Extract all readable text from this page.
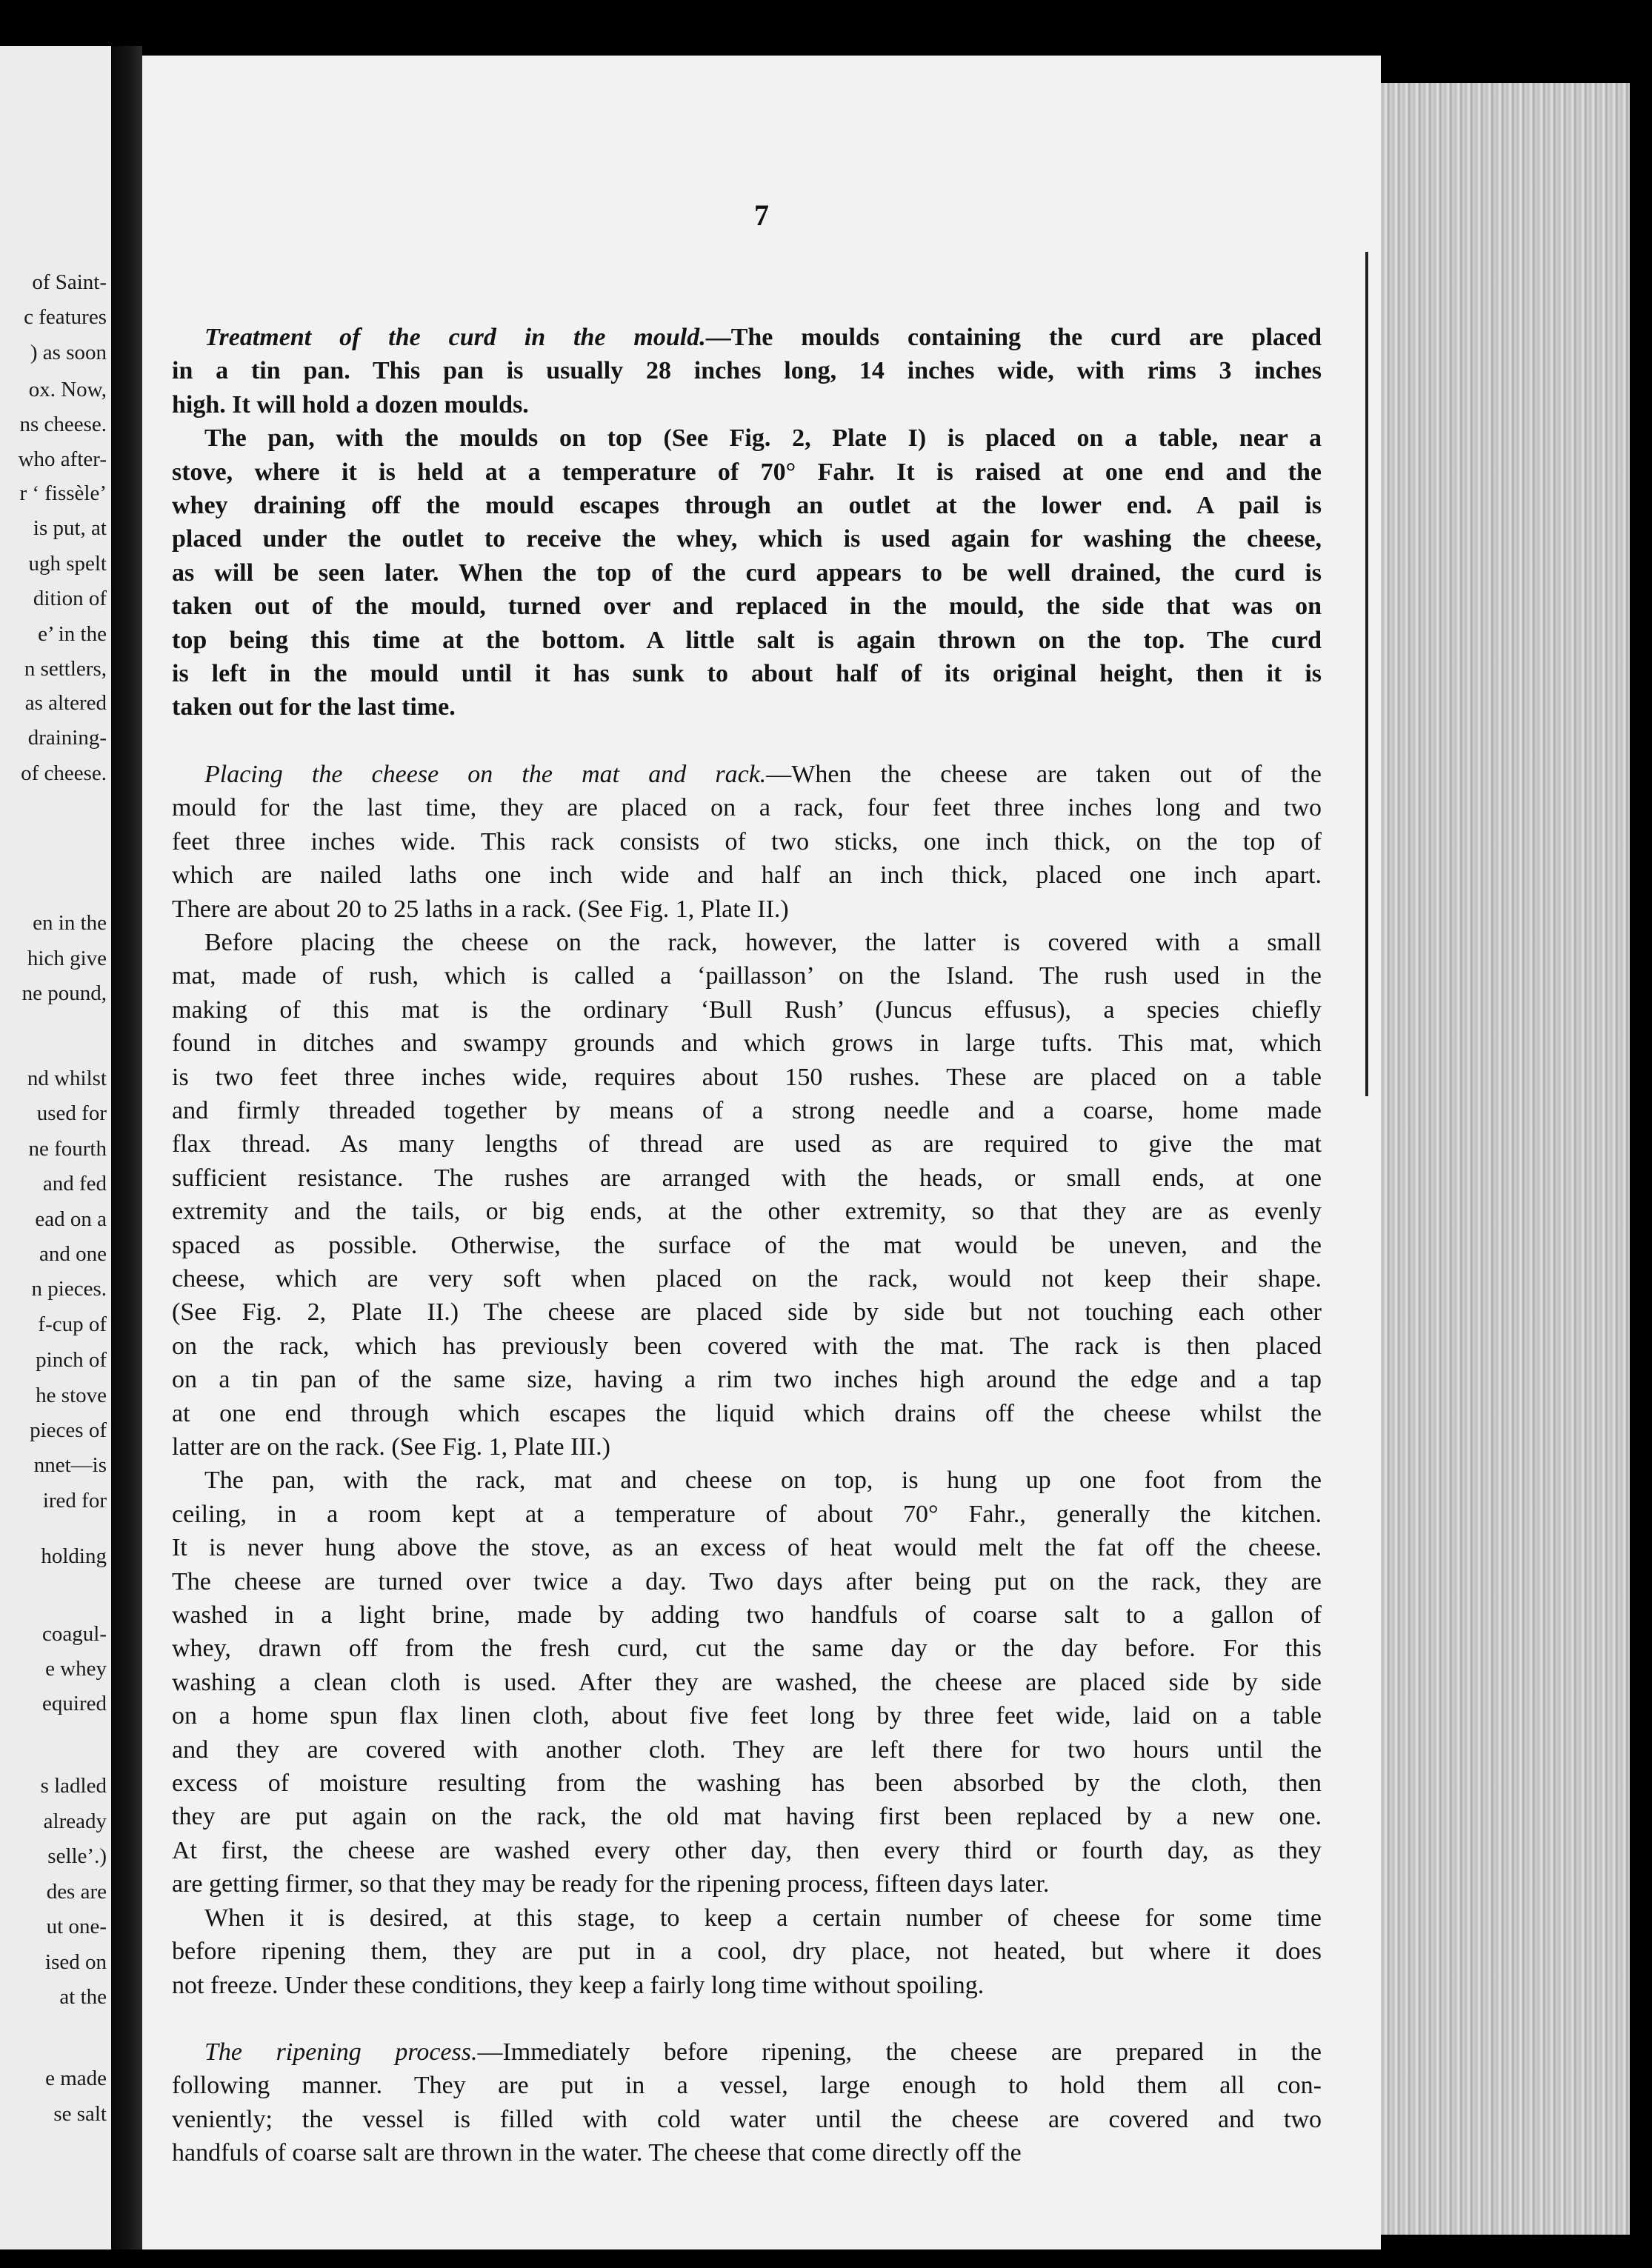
of Saint-
c features
) as soon
ox. Now,
ns cheese.
who after-
r ‘ fissèle’
is put, at
ugh spelt
dition of
e’ in the
n settlers,
as altered
draining-
of cheese.
en in the
hich give
ne pound,
nd whilst
used for
ne fourth
and fed
ead on a
and one
n pieces.
f-cup of
pinch of
he stove
pieces of
nnet—is
ired for
holding
coagul-
e whey
equired
s ladled
already
selle’.)
des are
ut one-
ised on
at the
e made
se salt
7
Treatment of the curd in the mould.—The moulds containing the curd are placed
in a tin pan. This pan is usually 28 inches long, 14 inches wide, with rims 3 inches
high. It will hold a dozen moulds.
The pan, with the moulds on top (See Fig. 2, Plate I) is placed on a table, near a
stove, where it is held at a temperature of 70° Fahr. It is raised at one end and the
whey draining off the mould escapes through an outlet at the lower end. A pail is
placed under the outlet to receive the whey, which is used again for washing the cheese,
as will be seen later. When the top of the curd appears to be well drained, the curd is
taken out of the mould, turned over and replaced in the mould, the side that was on
top being this time at the bottom. A little salt is again thrown on the top. The curd
is left in the mould until it has sunk to about half of its original height, then it is
taken out for the last time.
Placing the cheese on the mat and rack.—When the cheese are taken out of the
mould for the last time, they are placed on a rack, four feet three inches long and two
feet three inches wide. This rack consists of two sticks, one inch thick, on the top of
which are nailed laths one inch wide and half an inch thick, placed one inch apart.
There are about 20 to 25 laths in a rack. (See Fig. 1, Plate II.)
Before placing the cheese on the rack, however, the latter is covered with a small
mat, made of rush, which is called a ‘paillasson’ on the Island. The rush used in the
making of this mat is the ordinary ‘Bull Rush’ (Juncus effusus), a species chiefly
found in ditches and swampy grounds and which grows in large tufts. This mat, which
is two feet three inches wide, requires about 150 rushes. These are placed on a table
and firmly threaded together by means of a strong needle and a coarse, home made
flax thread. As many lengths of thread are used as are required to give the mat
sufficient resistance. The rushes are arranged with the heads, or small ends, at one
extremity and the tails, or big ends, at the other extremity, so that they are as evenly
spaced as possible. Otherwise, the surface of the mat would be uneven, and the
cheese, which are very soft when placed on the rack, would not keep their shape.
(See Fig. 2, Plate II.) The cheese are placed side by side but not touching each other
on the rack, which has previously been covered with the mat. The rack is then placed
on a tin pan of the same size, having a rim two inches high around the edge and a tap
at one end through which escapes the liquid which drains off the cheese whilst the
latter are on the rack. (See Fig. 1, Plate III.)
The pan, with the rack, mat and cheese on top, is hung up one foot from the
ceiling, in a room kept at a temperature of about 70° Fahr., generally the kitchen.
It is never hung above the stove, as an excess of heat would melt the fat off the cheese.
The cheese are turned over twice a day. Two days after being put on the rack, they are
washed in a light brine, made by adding two handfuls of coarse salt to a gallon of
whey, drawn off from the fresh curd, cut the same day or the day before. For this
washing a clean cloth is used. After they are washed, the cheese are placed side by side
on a home spun flax linen cloth, about five feet long by three feet wide, laid on a table
and they are covered with another cloth. They are left there for two hours until the
excess of moisture resulting from the washing has been absorbed by the cloth, then
they are put again on the rack, the old mat having first been replaced by a new one.
At first, the cheese are washed every other day, then every third or fourth day, as they
are getting firmer, so that they may be ready for the ripening process, fifteen days later.
When it is desired, at this stage, to keep a certain number of cheese for some time
before ripening them, they are put in a cool, dry place, not heated, but where it does
not freeze. Under these conditions, they keep a fairly long time without spoiling.
The ripening process.—Immediately before ripening, the cheese are prepared in the
following manner. They are put in a vessel, large enough to hold them all con-
veniently; the vessel is filled with cold water until the cheese are covered and two
handfuls of coarse salt are thrown in the water. The cheese that come directly off the
